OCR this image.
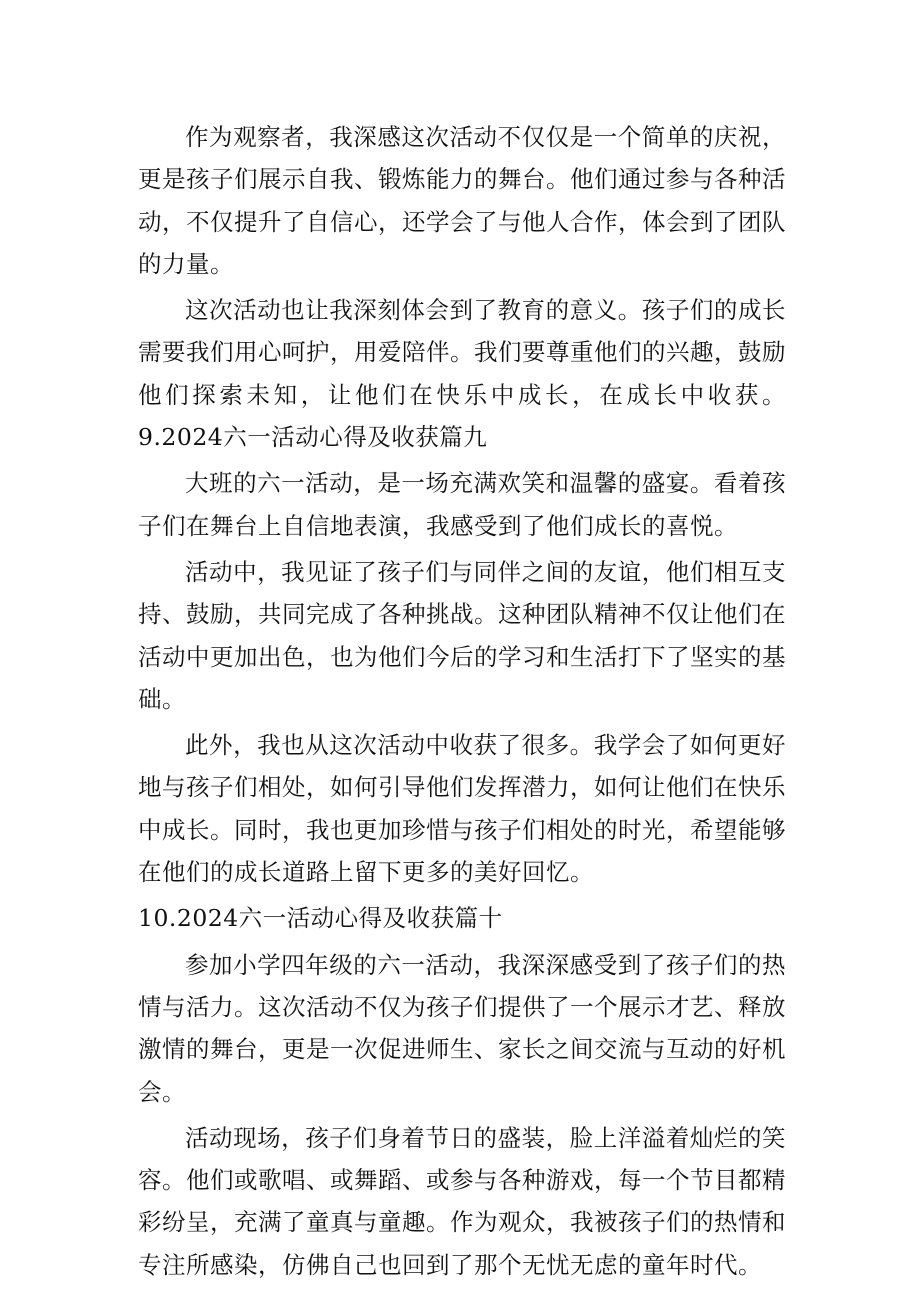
作为观察者，我深感这次活动不仅仅是一个简单的庆祝，更是孩子们展示自我、锻炼能力的舞台。他们通过参与各种活动，不仅提升了自信心，还学会了与他人合作，体会到了团队的力量。

这次活动也让我深刻体会到了教育的意义。孩子们的成长需要我们用心呵护，用爱陪伴。我们要尊重他们的兴趣，鼓励他们探索未知，让他们在快乐中成长，在成长中收获。9.2024六一活动心得及收获篇九

大班的六一活动，是一场充满欢笑和温馨的盛宴。看着孩子们在舞台上自信地表演，我感受到了他们成长的喜悦。

活动中，我见证了孩子们与同伴之间的友谊，他们相互支持、鼓励，共同完成了各种挑战。这种团队精神不仅让他们在活动中更加出色，也为他们今后的学习和生活打下了坚实的基础。

此外，我也从这次活动中收获了很多。我学会了如何更好地与孩子们相处，如何引导他们发挥潜力，如何让他们在快乐中成长。同时，我也更加珍惜与孩子们相处的时光，希望能够在他们的成长道路上留下更多的美好回忆。

10.2024六一活动心得及收获篇十

参加小学四年级的六一活动，我深深感受到了孩子们的热情与活力。这次活动不仅为孩子们提供了一个展示才艺、释放激情的舞台，更是一次促进师生、家长之间交流与互动的好机会。

活动现场，孩子们身着节日的盛装，脸上洋溢着灿烂的笑容。他们或歌唱、或舞蹈、或参与各种游戏，每一个节目都精彩纷呈，充满了童真与童趣。作为观众，我被孩子们的热情和专注所感染，仿佛自己也回到了那个无忧无虑的童年时代。
